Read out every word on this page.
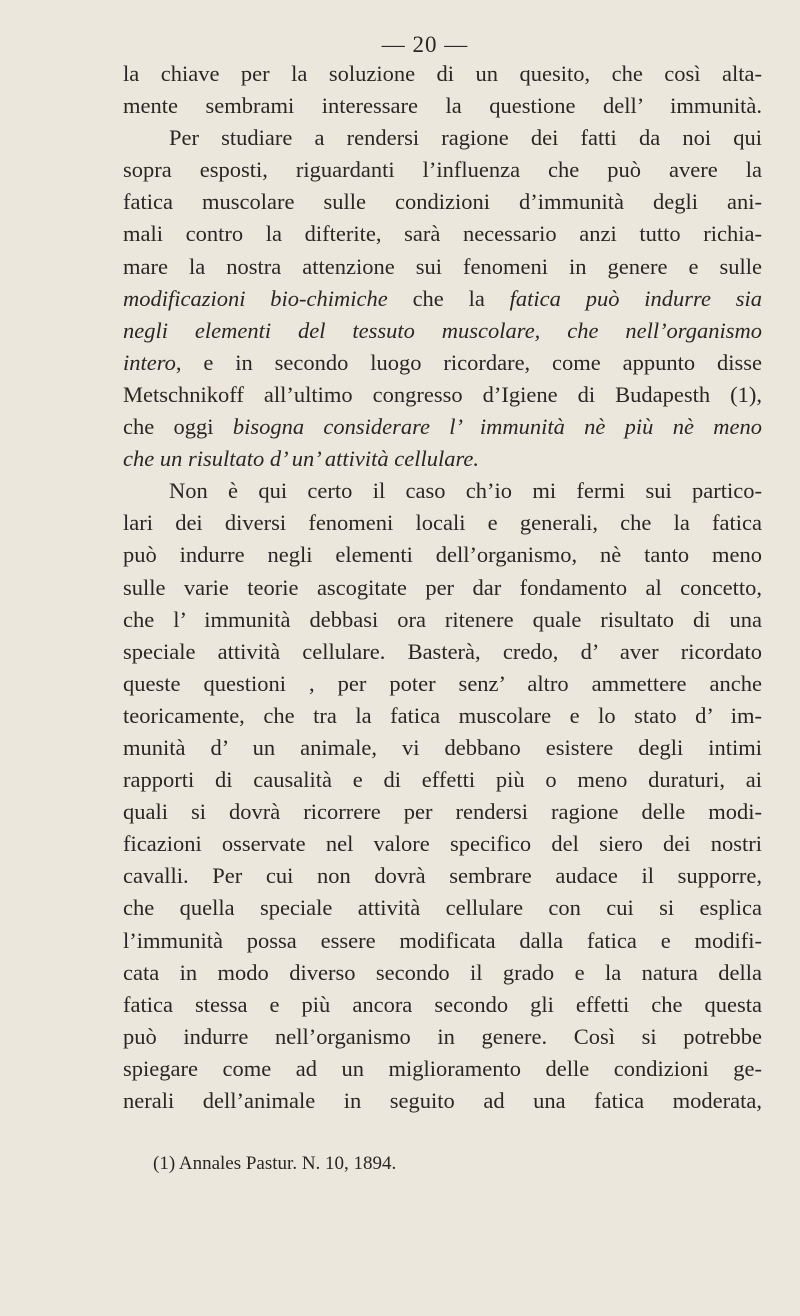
— 20 —
la chiave per la soluzione di un quesito, che così alta-
mente sembrami interessare la questione dell’ immunità.
Per studiare a rendersi ragione dei fatti da noi qui
sopra esposti, riguardanti l’influenza che può avere la
fatica muscolare sulle condizioni d’immunità degli ani-
mali contro la difterite, sarà necessario anzi tutto richia-
mare la nostra attenzione sui fenomeni in genere e sulle
modificazioni bio-chimiche che la fatica può indurre sia
negli elementi del tessuto muscolare, che nell’organismo
intero, e in secondo luogo ricordare, come appunto disse
Metschnikoff all’ultimo congresso d’Igiene di Budapesth (1),
che oggi bisogna considerare l’ immunità nè più nè meno
che un risultato d’ un’ attività cellulare.
Non è qui certo il caso ch’io mi fermi sui partico-
lari dei diversi fenomeni locali e generali, che la fatica
può indurre negli elementi dell’organismo, nè tanto meno
sulle varie teorie ascogitate per dar fondamento al concetto,
che l’ immunità debbasi ora ritenere quale risultato di una
speciale attività cellulare. Basterà, credo, d’ aver ricordato
queste questioni , per poter senz’ altro ammettere anche
teoricamente, che tra la fatica muscolare e lo stato d’ im-
munità d’ un animale, vi debbano esistere degli intimi
rapporti di causalità e di effetti più o meno duraturi, ai
quali si dovrà ricorrere per rendersi ragione delle modi-
ficazioni osservate nel valore specifico del siero dei nostri
cavalli. Per cui non dovrà sembrare audace il supporre,
che quella speciale attività cellulare con cui si esplica
l’immunità possa essere modificata dalla fatica e modifi-
cata in modo diverso secondo il grado e la natura della
fatica stessa e più ancora secondo gli effetti che questa
può indurre nell’organismo in genere. Così si potrebbe
spiegare come ad un miglioramento delle condizioni ge-
nerali dell’animale in seguito ad una fatica moderata,
(1) Annales Pastur. N. 10, 1894.
